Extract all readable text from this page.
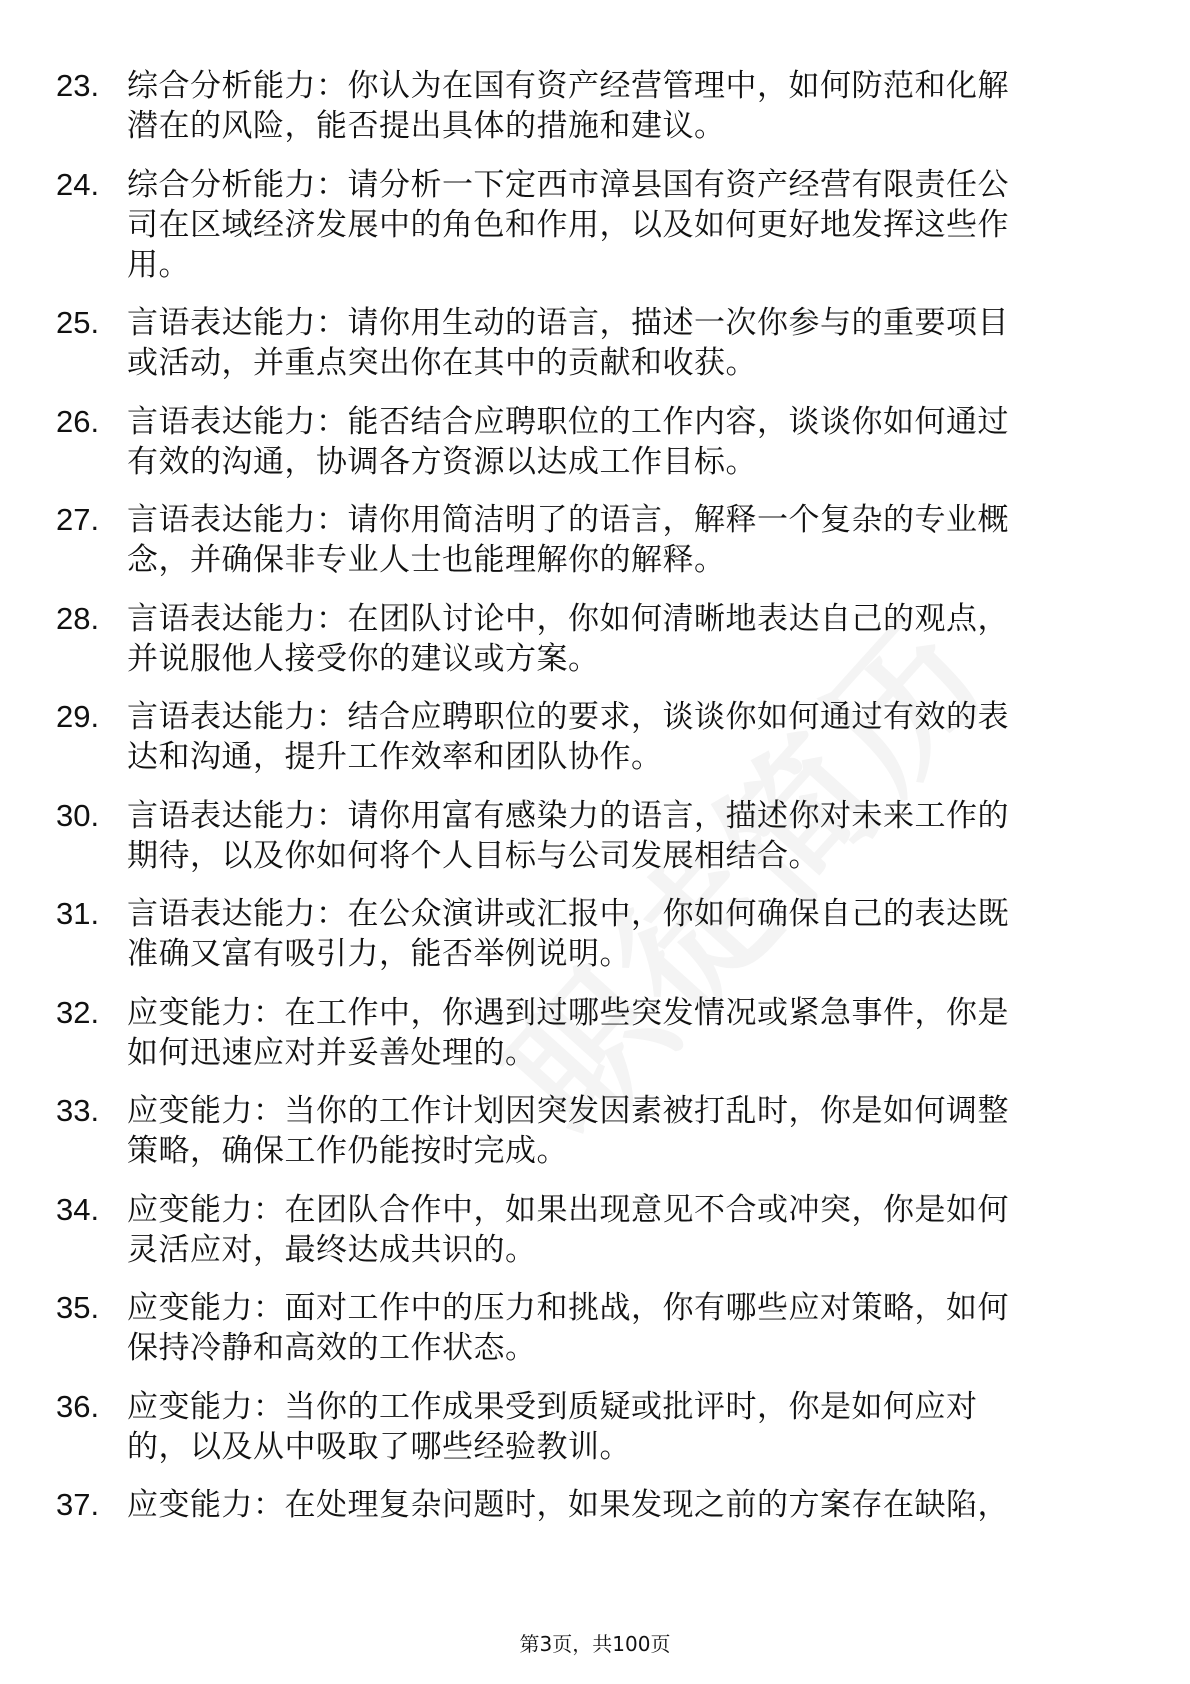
23. 综合分析能力：你认为在国有资产经营管理中，如何防范和化解
潜在的风险，能否提出具体的措施和建议。
24. 综合分析能力：请分析一下定西市漳县国有资产经营有限责任公
司在区域经济发展中的角色和作用，以及如何更好地发挥这些作
用。
25. 言语表达能力：请你用生动的语言，描述一次你参与的重要项目
或活动，并重点突出你在其中的贡献和收获。
26. 言语表达能力：能否结合应聘职位的工作内容，谈谈你如何通过
有效的沟通，协调各方资源以达成工作目标。
27. 言语表达能力：请你用简洁明了的语言，解释一个复杂的专业概
念，并确保非专业人士也能理解你的解释。
28. 言语表达能力：在团队讨论中，你如何清晰地表达自己的观点，
并说服他人接受你的建议或方案。
29. 言语表达能力：结合应聘职位的要求，谈谈你如何通过有效的表
达和沟通，提升工作效率和团队协作。
30. 言语表达能力：请你用富有感染力的语言，描述你对未来工作的
期待，以及你如何将个人目标与公司发展相结合。
31. 言语表达能力：在公众演讲或汇报中，你如何确保自己的表达既
准确又富有吸引力，能否举例说明。
32. 应变能力：在工作中，你遇到过哪些突发情况或紧急事件，你是
如何迅速应对并妥善处理的。
33. 应变能力：当你的工作计划因突发因素被打乱时，你是如何调整
策略，确保工作仍能按时完成。
34. 应变能力：在团队合作中，如果出现意见不合或冲突，你是如何
灵活应对，最终达成共识的。
35. 应变能力：面对工作中的压力和挑战，你有哪些应对策略，如何
保持冷静和高效的工作状态。
36. 应变能力：当你的工作成果受到质疑或批评时，你是如何应对
的，以及从中吸取了哪些经验教训。
37. 应变能力：在处理复杂问题时，如果发现之前的方案存在缺陷，
第3页，共100页
